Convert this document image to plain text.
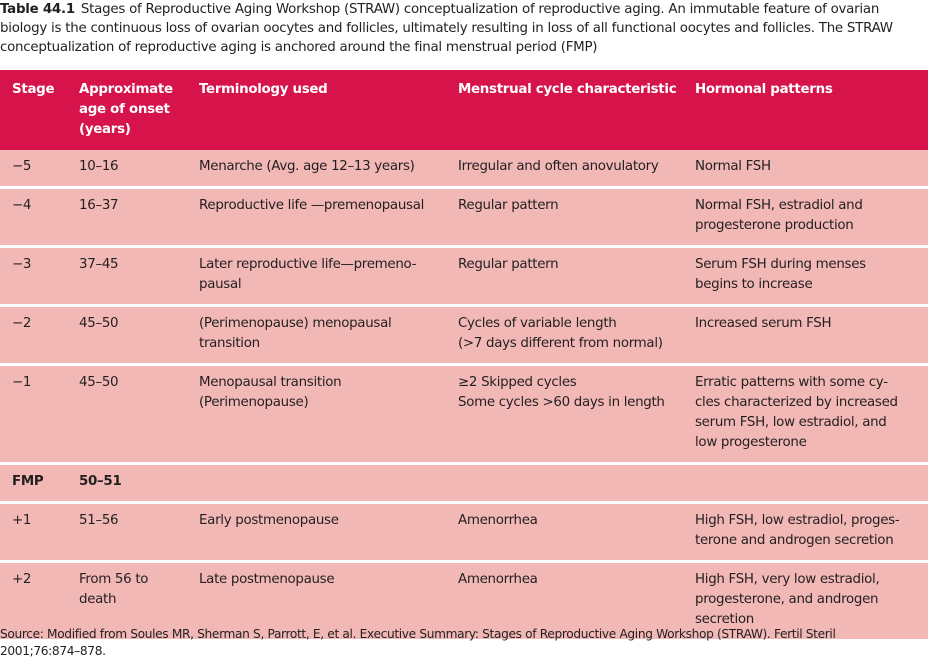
Table 44.1 Stages of Reproductive Aging Workshop (STRAW) conceptualization of reproductive aging. An immutable feature of ovarian biology is the continuous loss of ovarian oocytes and follicles, ultimately resulting in loss of all functional oocytes and follicles. The STRAW conceptualization of reproductive aging is anchored around the final menstrual period (FMP)
Stage	Approximate
age of onset
(years)	Terminology used	Menstrual cycle characteristic	Hormonal patterns

−5	10–16	Menarche (Avg. age 12–13 years)	Irregular and often anovulatory	Normal FSH

−4	16–37	Reproductive life —premenopausal	Regular pattern	Normal FSH, estradiol and
progesterone production

−3	37–45	Later reproductive life—premeno-
pausal	Regular pattern	Serum FSH during menses
begins to increase

−2	45–50	(Perimenopause) menopausal
transition	Cycles of variable length
(>7 days different from normal)	Increased serum FSH

−1	45–50	Menopausal transition
(Perimenopause)	≥2 Skipped cycles
Some cycles >60 days in length	Erratic patterns with some cy-
cles characterized by increased
serum FSH, low estradiol, and
low progesterone

FMP	50–51			

+1	51–56	Early postmenopause	Amenorrhea	High FSH, low estradiol, proges-
terone and androgen secretion

+2	From 56 to
death	Late postmenopause	Amenorrhea	High FSH, very low estradiol,
progesterone, and androgen
secretion
Source: Modified from Soules MR, Sherman S, Parrott, E, et al. Executive Summary: Stages of Reproductive Aging Workshop (STRAW). Fertil Steril
2001;76:874–878.
